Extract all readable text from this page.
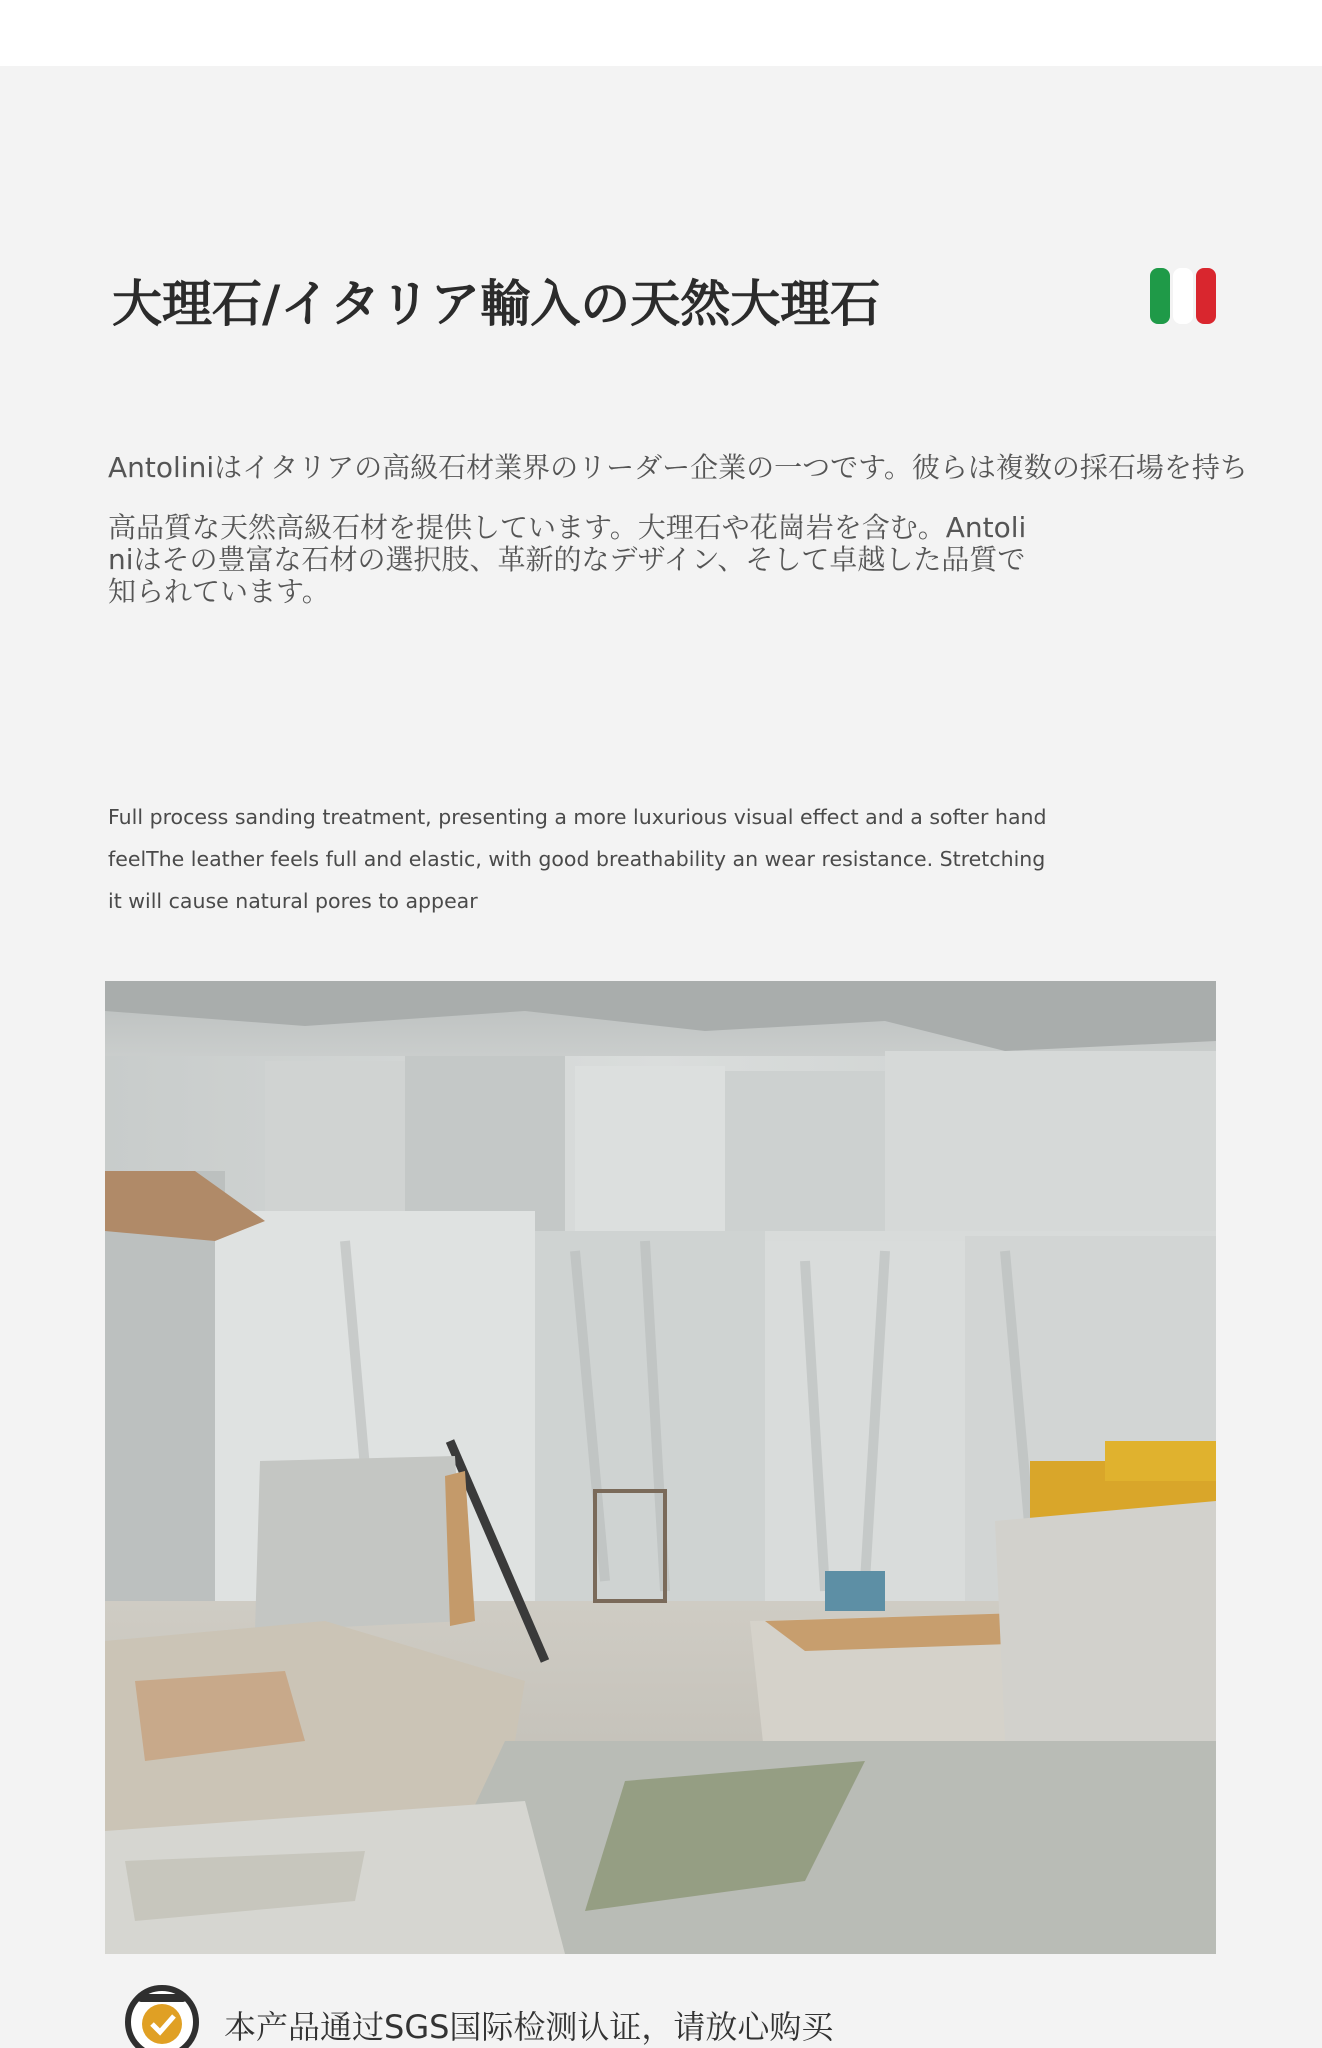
大理石/イタリア輸入の天然大理石
Antoliniはイタリアの高級石材業界のリーダー企業の一つです。彼らは複数の採石場を持ち
高品質な天然高級石材を提供しています。大理石や花崗岩を含む。Antoli
niはその豊富な石材の選択肢、革新的なデザイン、そして卓越した品質で
知られています。
Full process sanding treatment, presenting a more luxurious visual effect and a softer hand
feelThe leather feels full and elastic, with good breathability an wear resistance. Stretching
it will cause natural pores to appear
本产品通过SGS国际检测认证，请放心购买
